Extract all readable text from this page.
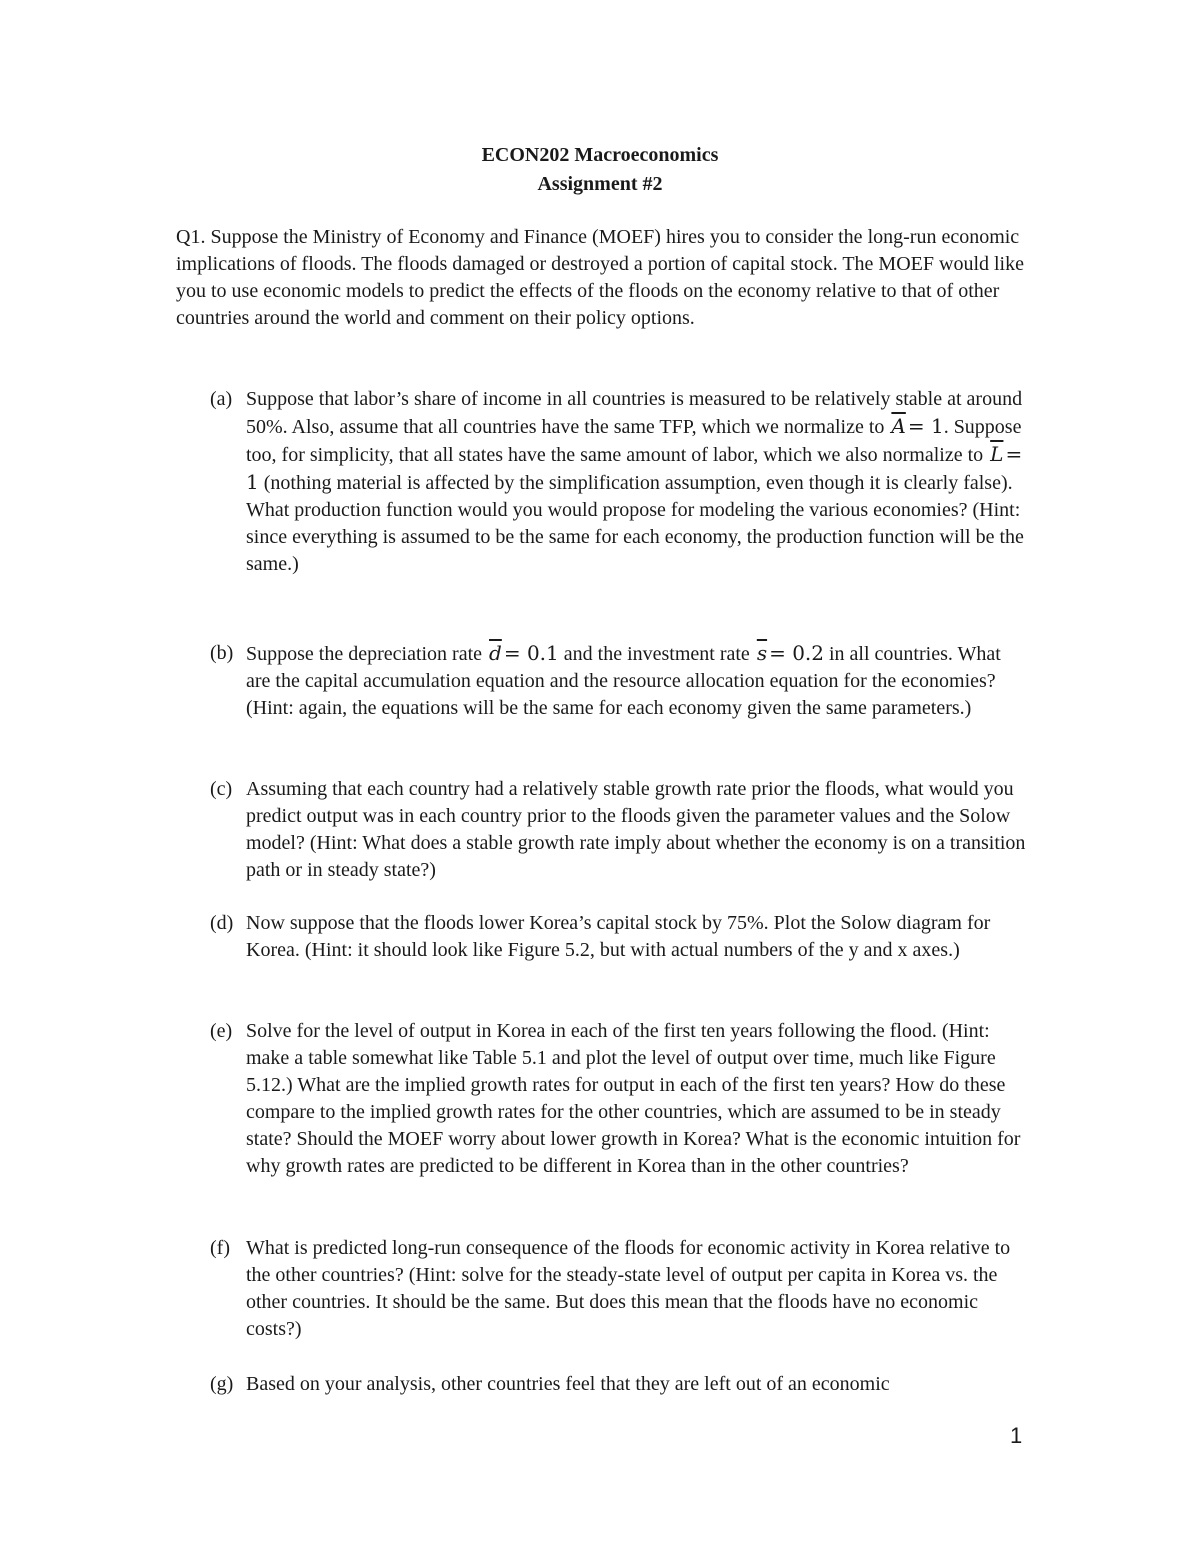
ECON202 Macroeconomics
Assignment #2

Q1. Suppose the Ministry of Economy and Finance (MOEF) hires you to consider the long-run economic implications of floods. The floods damaged or destroyed a portion of capital stock. The MOEF would like you to use economic models to predict the effects of the floods on the economy relative to that of other countries around the world and comment on their policy options.

(a) Suppose that labor’s share of income in all countries is measured to be relatively stable at around 50%. Also, assume that all countries have the same TFP, which we normalize to $\overline{A} = 1$. Suppose too, for simplicity, that all states have the same amount of labor, which we also normalize to $\overline{L} = 1$ (nothing material is affected by the simplification assumption, even though it is clearly false). What production function would you would propose for modeling the various economies? (Hint: since everything is assumed to be the same for each economy, the production function will be the same.)
(b) Suppose the depreciation rate $\overline{d} = 0.1$ and the investment rate $\overline{s} = 0.2$ in all countries. What are the capital accumulation equation and the resource allocation equation for the economies? (Hint: again, the equations will be the same for each economy given the same parameters.)
(c) Assuming that each country had a relatively stable growth rate prior the floods, what would you predict output was in each country prior to the floods given the parameter values and the Solow model? (Hint: What does a stable growth rate imply about whether the economy is on a transition path or in steady state?)
(d) Now suppose that the floods lower Korea’s capital stock by 75%. Plot the Solow diagram for Korea. (Hint: it should look like Figure 5.2, but with actual numbers of the y and x axes.)
(e) Solve for the level of output in Korea in each of the first ten years following the flood. (Hint: make a table somewhat like Table 5.1 and plot the level of output over time, much like Figure 5.12.) What are the implied growth rates for output in each of the first ten years? How do these compare to the implied growth rates for the other countries, which are assumed to be in steady state? Should the MOEF worry about lower growth in Korea? What is the economic intuition for why growth rates are predicted to be different in Korea than in the other countries?
(f) What is predicted long-run consequence of the floods for economic activity in Korea relative to the other countries? (Hint: solve for the steady-state level of output per capita in Korea vs. the other countries. It should be the same. But does this mean that the floods have no economic costs?)
(g) Based on your analysis, other countries feel that they are left out of an economic
1
